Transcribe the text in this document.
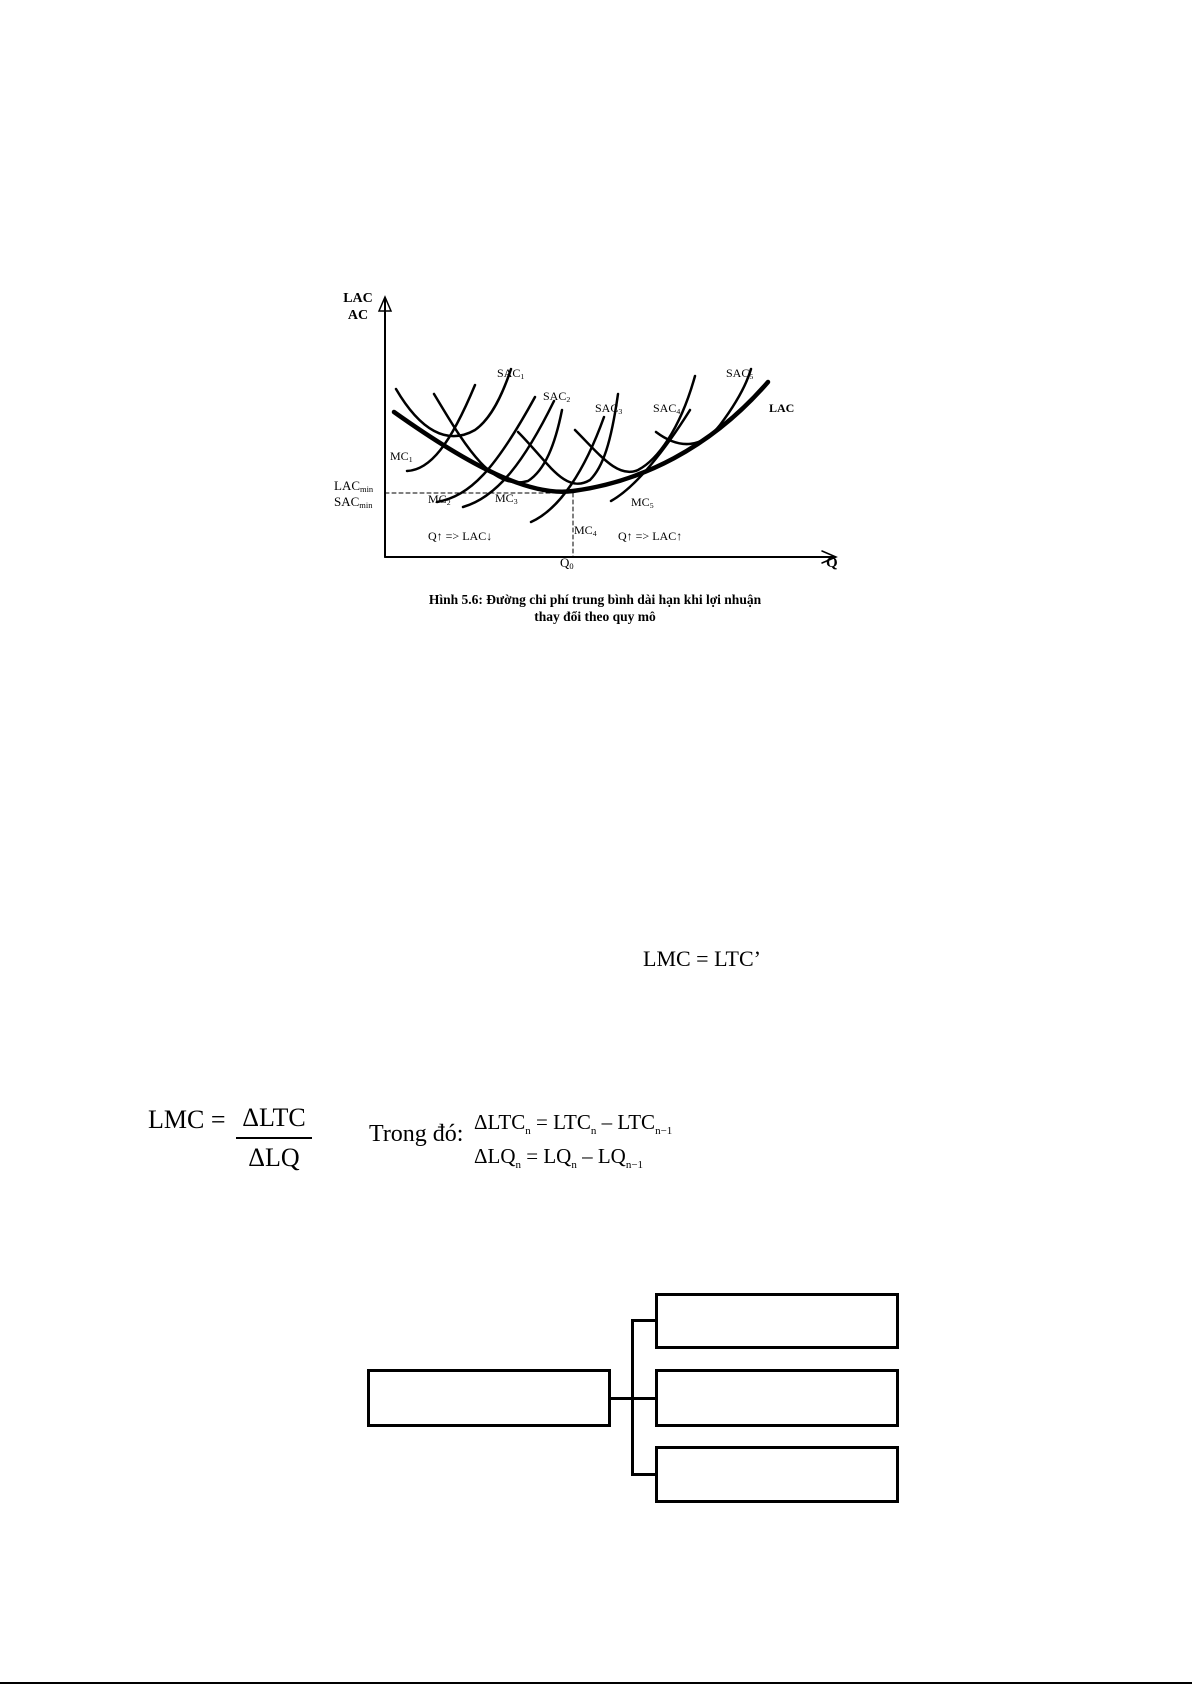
LAC
AC
Q
Q0
LACmin
SACmin
SAC1
SAC2
SAC3	SAC4
SAC5
MC1
MC2	MC3
MC4
MC5
LAC
Q↑ => LAC↓	Q↑ => LAC↑
Hình 5.6: Đường chi phí trung bình dài hạn khi lợi nhuận
thay đổi theo quy mô
LMC = LTC’
LMC = ΔLTC
ΔLQ
Trong đó: $\Delta LTC_n = LTC_n - LTC_{n-1}$
$\Delta LQ_n = LQ_n - LQ_{n-1}$
